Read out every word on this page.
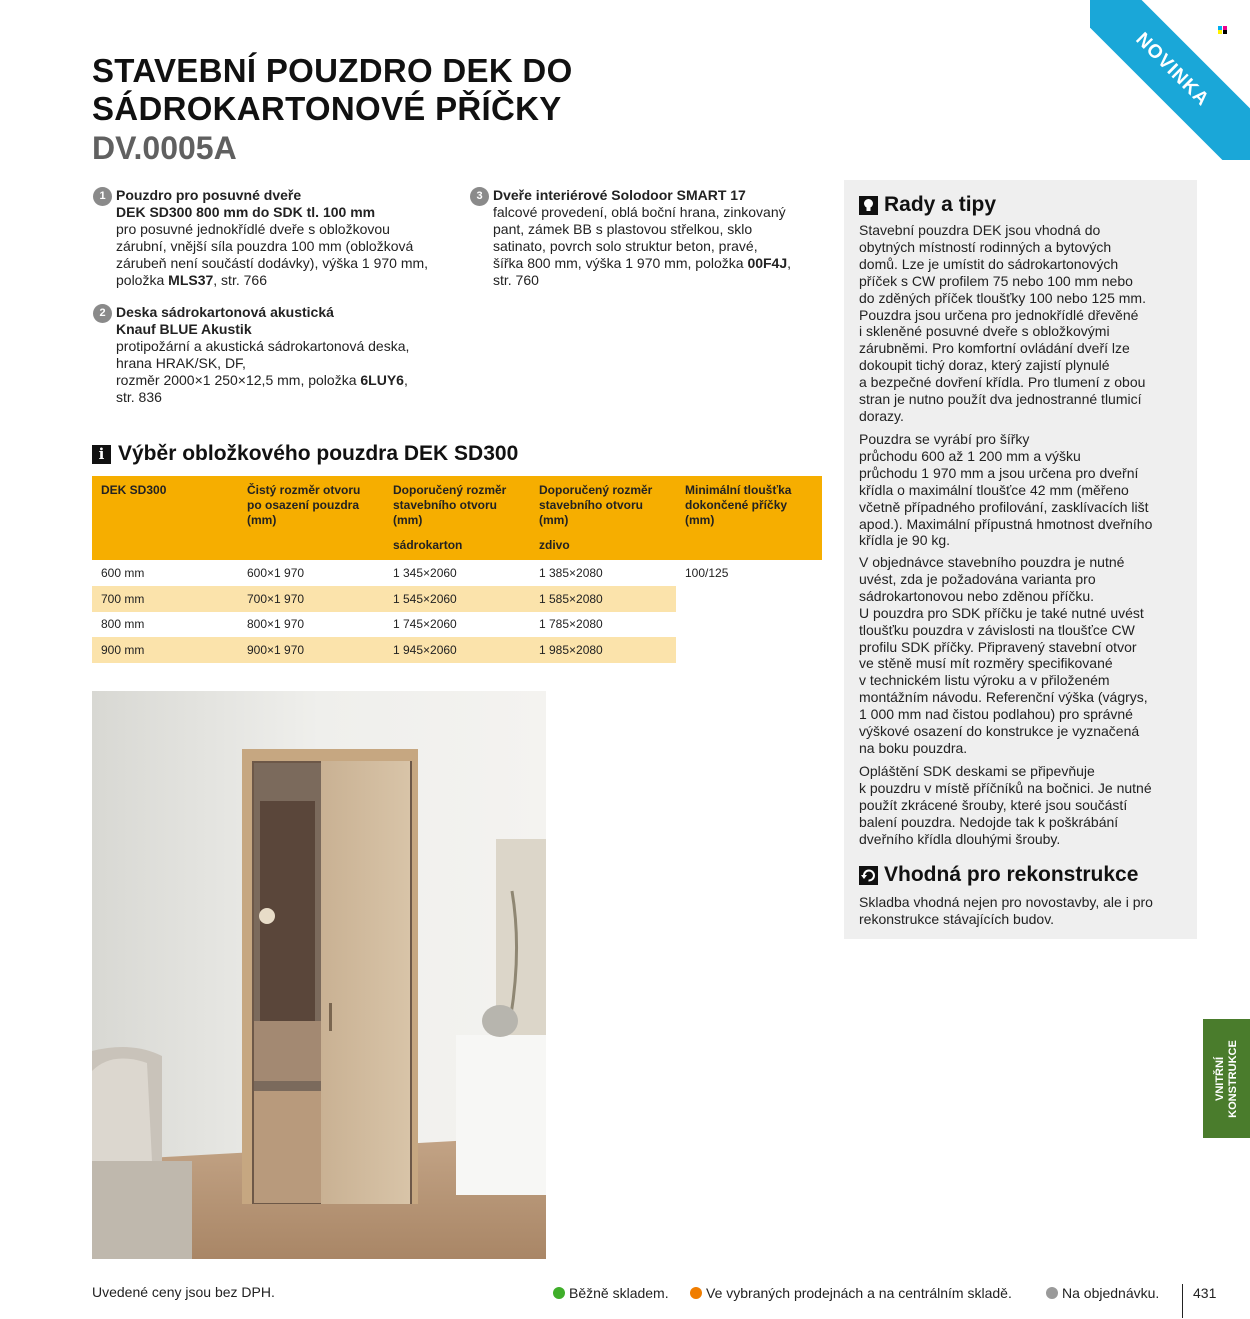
NOVINKA
STAVEBNÍ POUZDRO DEK DO
SÁDROKARTONOVÉ PŘÍČKY
DV.0005A
1 Pouzdro pro posuvné dveře
DEK SD300 800 mm do SDK tl. 100 mm
pro posuvné jednokřídlé dveře s obložkovou
zárubní, vnější síla pouzdra 100 mm (obložková
zárubeň není součástí dodávky), výška 1 970 mm,
položka MLS37, str. 766
2 Deska sádrokartonová akustická
Knauf BLUE Akustik
protipožární a akustická sádrokartonová deska,
hrana HRAK/SK, DF,
rozměr 2000×1 250×12,5 mm, položka 6LUY6,
str. 836
3 Dveře interiérové Solodoor SMART 17
falcové provedení, oblá boční hrana, zinkovaný
pant, zámek BB s plastovou střelkou, sklo
satinato, povrch solo struktur beton, pravé,
šířka 800 mm, výška 1 970 mm, položka 00F4J,
str. 760
i Výběr obložkového pouzdra DEK SD300
DEK SD300	Čistý rozměr otvoru po osazení pouzdra (mm)	Doporučený rozměr stavebního otvoru (mm)	Doporučený rozměr stavebního otvoru (mm)	Minimální tloušťka dokončené příčky (mm)
		sádrokarton	zdivo	
600 mm	600×1 970	1 345×2060	1 385×2080	100/125
700 mm	700×1 970	1 545×2060	1 585×2080	
800 mm	800×1 970	1 745×2060	1 785×2080	
900 mm	900×1 970	1 945×2060	1 985×2080	
Rady a tipy

Stavební pouzdra DEK jsou vhodná do
obytných místností rodinných a bytových
domů. Lze je umístit do sádrokartonových
příček s CW profilem 75 nebo 100 mm nebo
do zděných příček tloušťky 100 nebo 125 mm.
Pouzdra jsou určena pro jednokřídlé dřevěné
i skleněné posuvné dveře s obložkovými
zárubněmi. Pro komfortní ovládání dveří lze
dokoupit tichý doraz, který zajistí plynulé
a bezpečné dovření křídla. Pro tlumení z obou
stran je nutno použít dva jednostranné tlumicí
dorazy.

Pouzdra se vyrábí pro šířky
průchodu 600 až 1 200 mm a výšku
průchodu 1 970 mm a jsou určena pro dveřní
křídla o maximální tloušťce 42 mm (měřeno
včetně případného profilování, zasklívacích lišt
apod.). Maximální přípustná hmotnost dveřního
křídla je 90 kg.

V objednávce stavebního pouzdra je nutné
uvést, zda je požadována varianta pro
sádrokartonovou nebo zděnou příčku.
U pouzdra pro SDK příčku je také nutné uvést
tloušťku pouzdra v závislosti na tloušťce CW
profilu SDK příčky. Připravený stavební otvor
ve stěně musí mít rozměry specifikované
v technickém listu výroku a v přiloženém
montážním návodu. Referenční výška (vágrys,
1 000 mm nad čistou podlahou) pro správné
výškové osazení do konstrukce je vyznačená
na boku pouzdra.

Opláštění SDK deskami se připevňuje
k pouzdru v místě příčníků na bočnici. Je nutné
použít zkrácené šrouby, které jsou součástí
balení pouzdra. Nedojde tak k poškrábání
dveřního křídla dlouhými šrouby.

Vhodná pro rekonstrukce

Skladba vhodná nejen pro novostavby, ale i pro
rekonstrukce stávajících budov.

VNITŘNÍ KONSTRUKCE
Uvedené ceny jsou bez DPH.	Běžně skladem.	Ve vybraných prodejnách a na centrálním skladě.	Na objednávku. 431
